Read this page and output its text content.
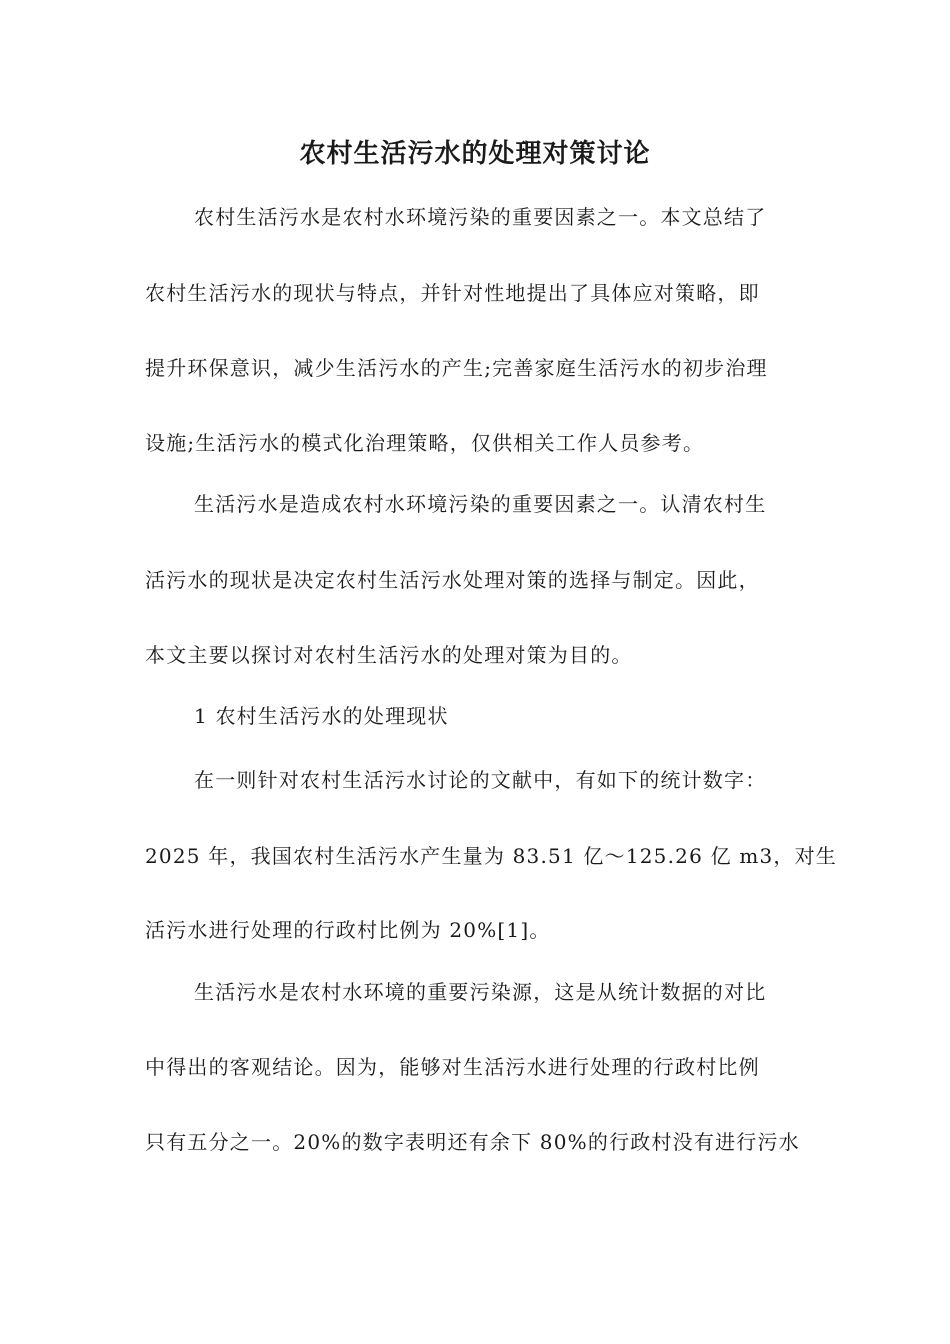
农村生活污水的处理对策讨论
农村生活污水是农村水环境污染的重要因素之一。本文总结了
农村生活污水的现状与特点，并针对性地提出了具体应对策略，即
提升环保意识，减少生活污水的产生;完善家庭生活污水的初步治理
设施;生活污水的模式化治理策略，仅供相关工作人员参考。
生活污水是造成农村水环境污染的重要因素之一。认清农村生
活污水的现状是决定农村生活污水处理对策的选择与制定。因此，
本文主要以探讨对农村生活污水的处理对策为目的。
1 农村生活污水的处理现状
在一则针对农村生活污水讨论的文献中，有如下的统计数字：
2025 年，我国农村生活污水产生量为 83.51 亿～125.26 亿 m3，对生
活污水进行处理的行政村比例为 20%[1]。
生活污水是农村水环境的重要污染源，这是从统计数据的对比
中得出的客观结论。因为，能够对生活污水进行处理的行政村比例
只有五分之一。20%的数字表明还有余下 80%的行政村没有进行污水
